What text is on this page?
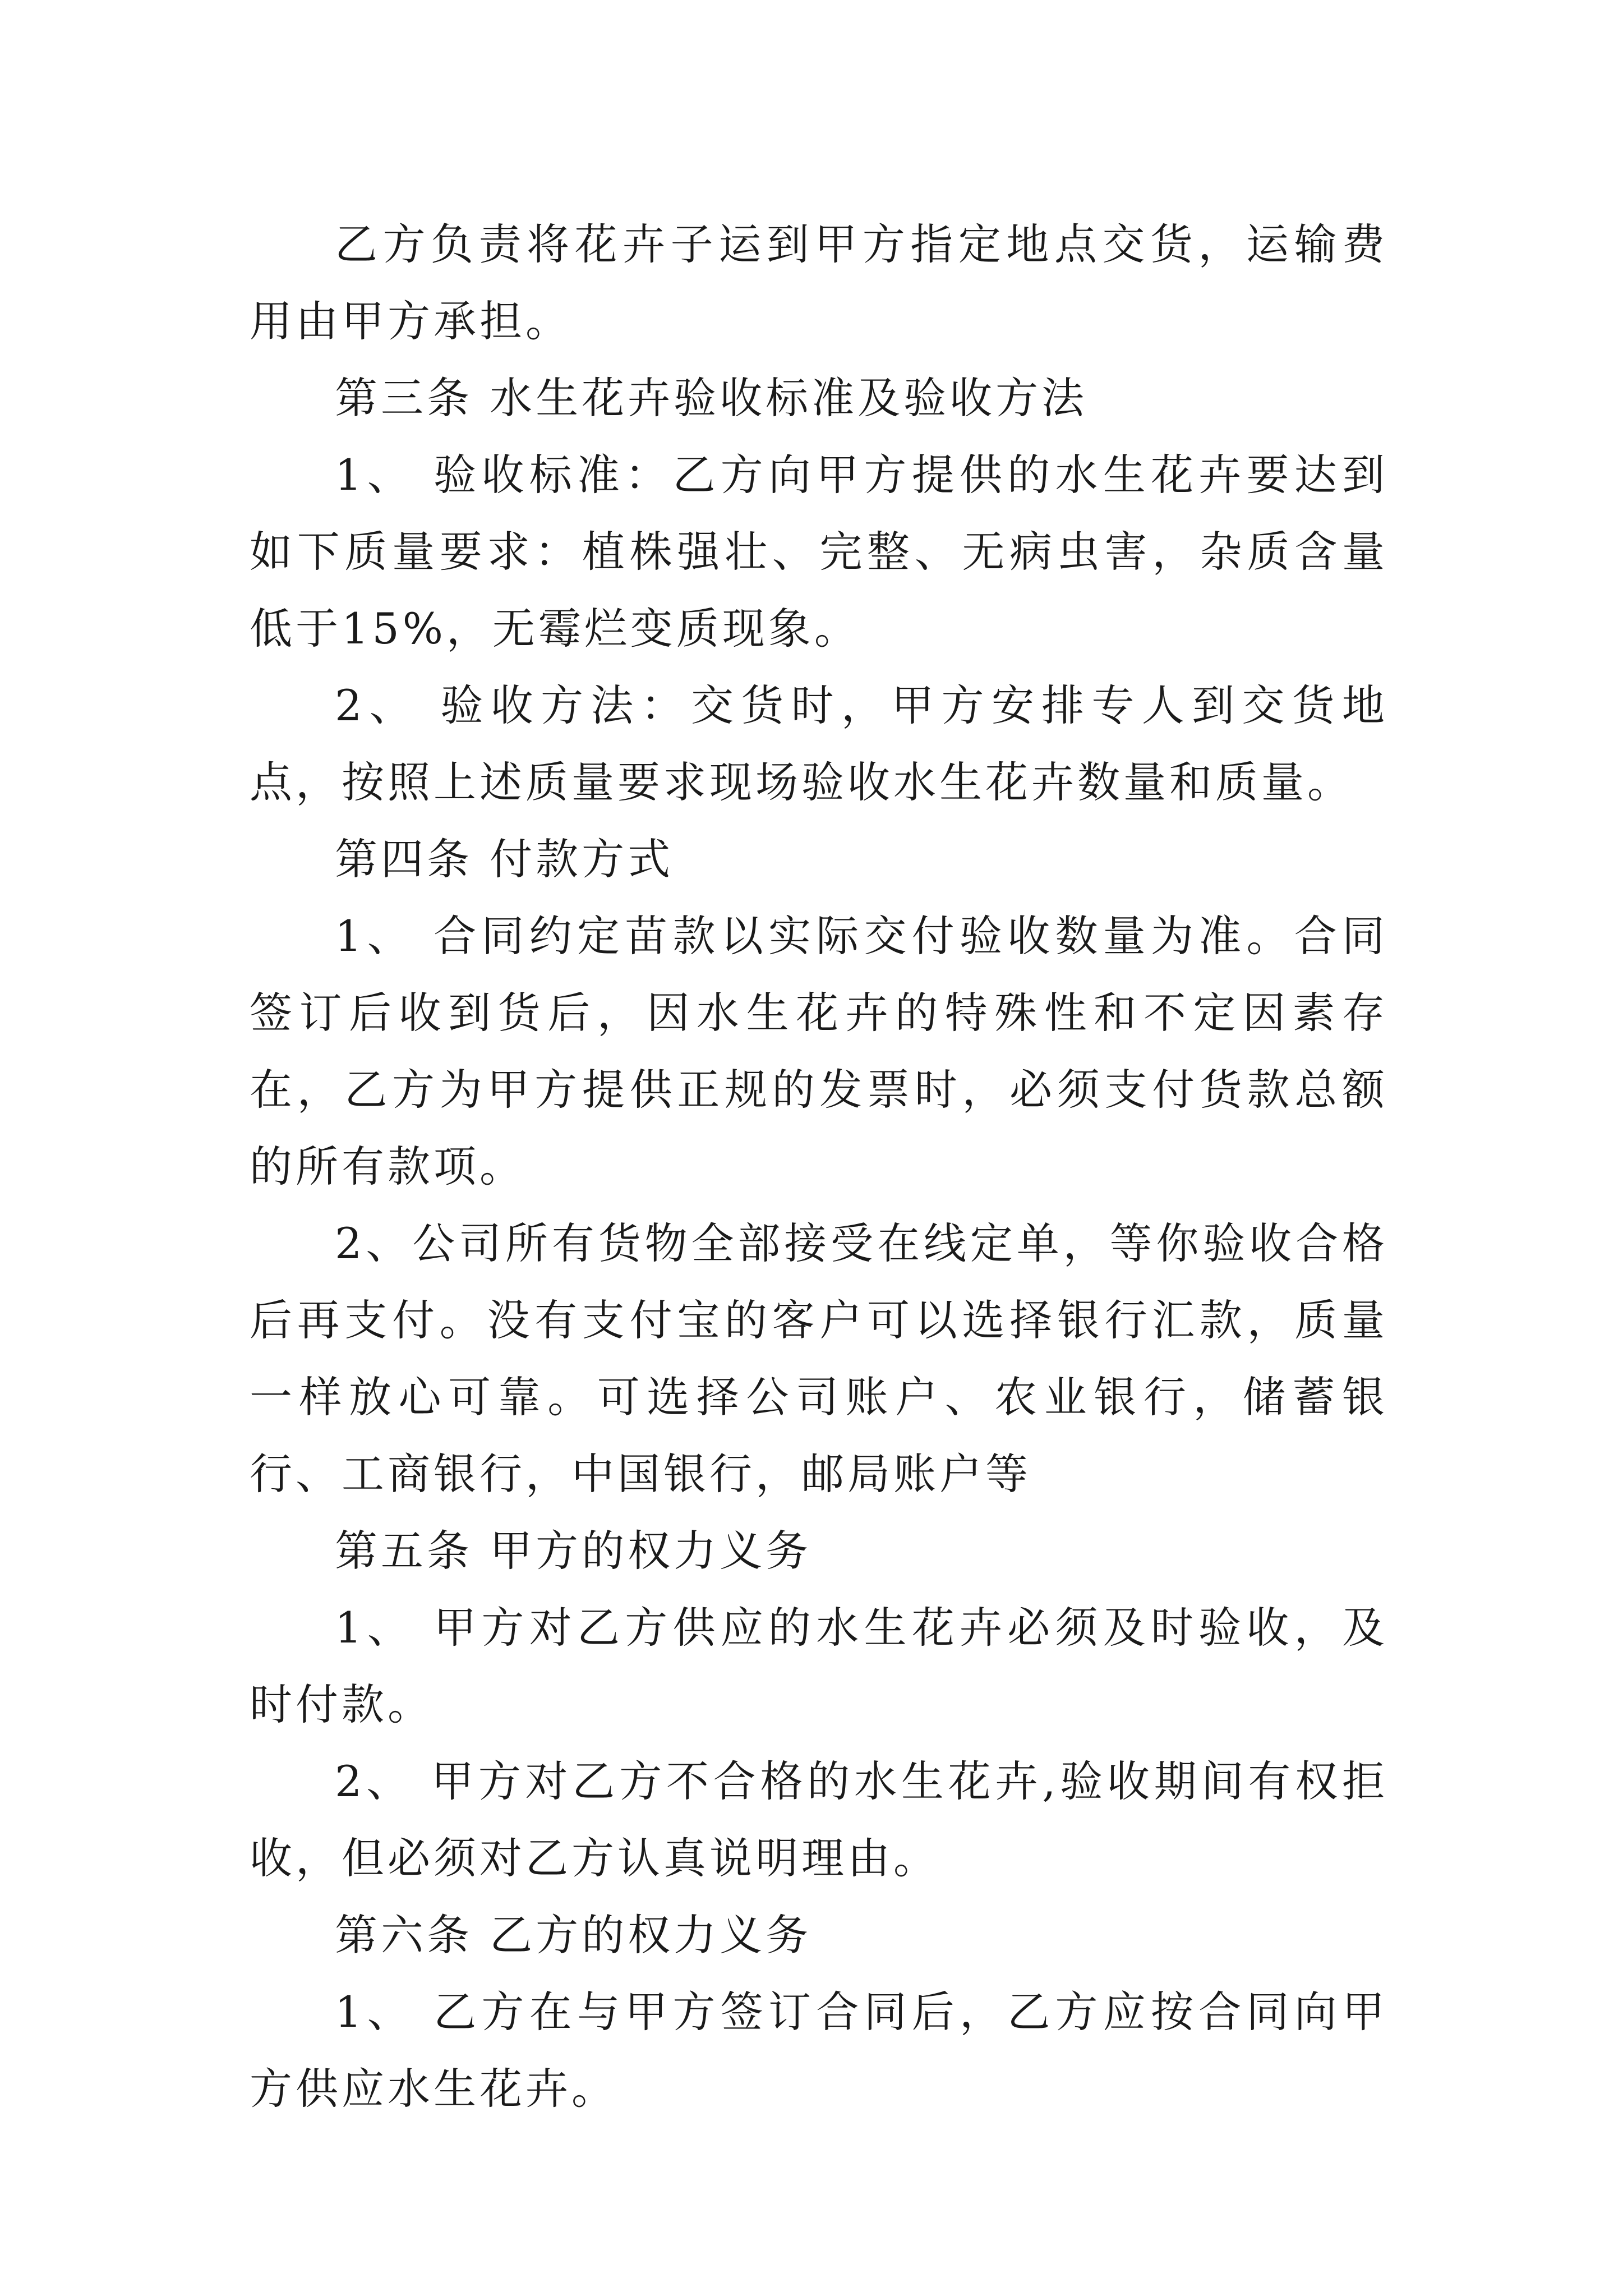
乙方负责将花卉子运到甲方指定地点交货，运输费用由甲方承担。

第三条 水生花卉验收标准及验收方法

1、 验收标准：乙方向甲方提供的水生花卉要达到如下质量要求：植株强壮、完整、无病虫害，杂质含量低于15%，无霉烂变质现象。

2、 验收方法：交货时，甲方安排专人到交货地点，按照上述质量要求现场验收水生花卉数量和质量。

第四条 付款方式

1、 合同约定苗款以实际交付验收数量为准。合同签订后收到货后，因水生花卉的特殊性和不定因素存在，乙方为甲方提供正规的发票时，必须支付货款总额的所有款项。

2、公司所有货物全部接受在线定单，等你验收合格后再支付。没有支付宝的客户可以选择银行汇款，质量一样放心可靠。可选择公司账户、农业银行，储蓄银行、工商银行，中国银行，邮局账户等

第五条 甲方的权力义务

1、 甲方对乙方供应的水生花卉必须及时验收，及时付款。

2、 甲方对乙方不合格的水生花卉,验收期间有权拒收，但必须对乙方认真说明理由。

第六条 乙方的权力义务

1、 乙方在与甲方签订合同后，乙方应按合同向甲方供应水生花卉。
